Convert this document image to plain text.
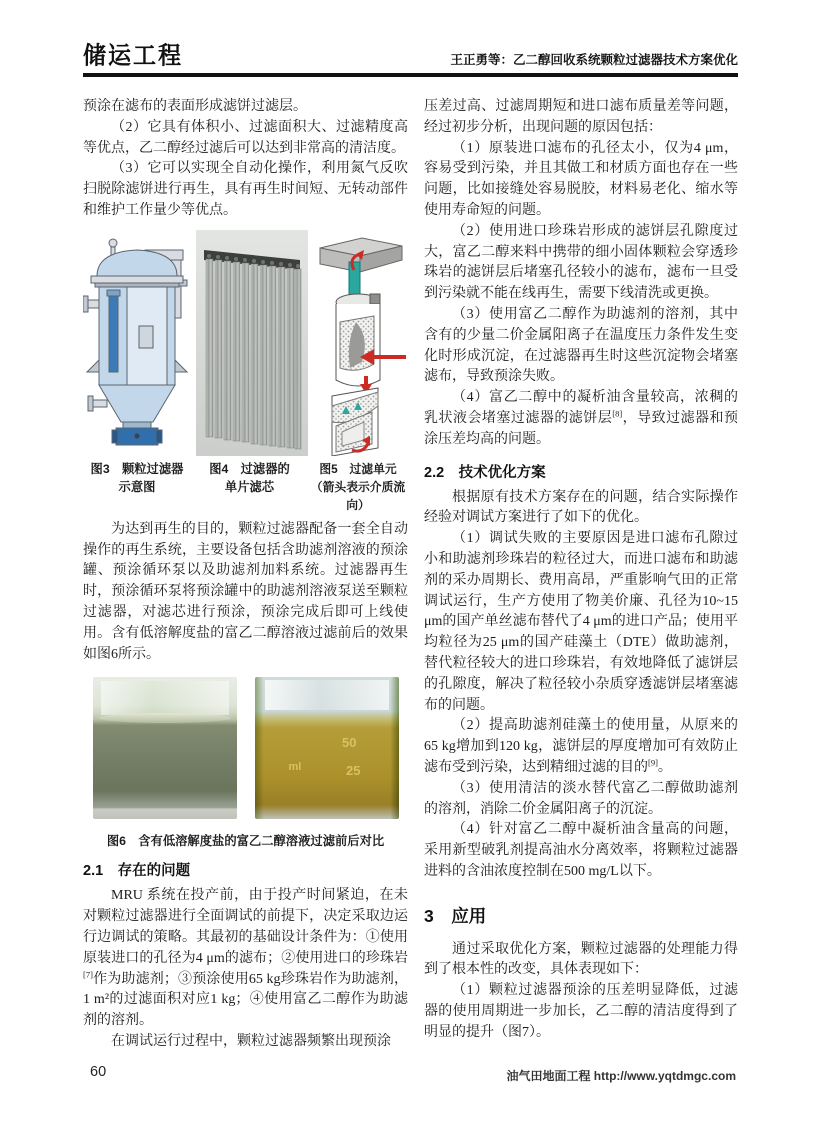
储运工程	王正勇等：乙二醇回收系统颗粒过滤器技术方案优化

预涂在滤布的表面形成滤饼过滤层。

（2）它具有体积小、过滤面积大、过滤精度高等优点，乙二醇经过滤后可以达到非常高的清洁度。

（3）它可以实现全自动化操作，利用氮气反吹扫脱除滤饼进行再生，具有再生时间短、无转动部件和维护工作量少等优点。

图3　颗粒过滤器
示意图
图4　过滤器的
单片滤芯
图5　过滤单元
（箭头表示介质流向）

为达到再生的目的，颗粒过滤器配备一套全自动操作的再生系统，主要设备包括含助滤剂溶液的预涂罐、预涂循环泵以及助滤剂加料系统。过滤器再生时，预涂循环泵将预涂罐中的助滤剂溶液泵送至颗粒过滤器，对滤芯进行预涂，预涂完成后即可上线使用。含有低溶解度盐的富乙二醇溶液过滤前后的效果如图6所示。

50
25
ml
图6　含有低溶解度盐的富乙二醇溶液过滤前后对比
2.1　存在的问题

MRU 系统在投产前，由于投产时间紧迫，在未对颗粒过滤器进行全面调试的前提下，决定采取边运行边调试的策略。其最初的基础设计条件为：①使用原装进口的孔径为4 μm的滤布；②使用进口的珍珠岩[7]作为助滤剂；③预涂使用65 kg珍珠岩作为助滤剂，1 m²的过滤面积对应1 kg；④使用富乙二醇作为助滤剂的溶剂。

在调试运行过程中，颗粒过滤器频繁出现预涂

压差过高、过滤周期短和进口滤布质量差等问题，经过初步分析，出现问题的原因包括：

（1）原装进口滤布的孔径太小，仅为4 μm，容易受到污染，并且其做工和材质方面也存在一些问题，比如接缝处容易脱胶，材料易老化、缩水等使用寿命短的问题。

（2）使用进口珍珠岩形成的滤饼层孔隙度过大，富乙二醇来料中携带的细小固体颗粒会穿透珍珠岩的滤饼层后堵塞孔径较小的滤布，滤布一旦受到污染就不能在线再生，需要下线清洗或更换。

（3）使用富乙二醇作为助滤剂的溶剂，其中含有的少量二价金属阳离子在温度压力条件发生变化时形成沉淀，在过滤器再生时这些沉淀物会堵塞滤布，导致预涂失败。

（4）富乙二醇中的凝析油含量较高，浓稠的乳状液会堵塞过滤器的滤饼层[8]，导致过滤器和预涂压差均高的问题。

2.2　技术优化方案

根据原有技术方案存在的问题，结合实际操作经验对调试方案进行了如下的优化。

（1）调试失败的主要原因是进口滤布孔隙过小和助滤剂珍珠岩的粒径过大，而进口滤布和助滤剂的采办周期长、费用高昂，严重影响气田的正常调试运行，生产方使用了物美价廉、孔径为10~15 μm的国产单丝滤布替代了4 μm的进口产品；使用平均粒径为25 μm的国产硅藻土（DTE）做助滤剂，替代粒径较大的进口珍珠岩，有效地降低了滤饼层的孔隙度，解决了粒径较小杂质穿透滤饼层堵塞滤布的问题。

（2）提高助滤剂硅藻土的使用量，从原来的65 kg增加到120 kg，滤饼层的厚度增加可有效防止滤布受到污染，达到精细过滤的目的[9]。

（3）使用清洁的淡水替代富乙二醇做助滤剂的溶剂，消除二价金属阳离子的沉淀。

（4）针对富乙二醇中凝析油含量高的问题，采用新型破乳剂提高油水分离效率，将颗粒过滤器进料的含油浓度控制在500 mg/L以下。

3　应用

通过采取优化方案，颗粒过滤器的处理能力得到了根本性的改变，具体表现如下：

（1）颗粒过滤器预涂的压差明显降低，过滤器的使用周期进一步加长，乙二醇的清洁度得到了明显的提升（图7）。

60	油气田地面工程 http://www.yqtdmgc.com
